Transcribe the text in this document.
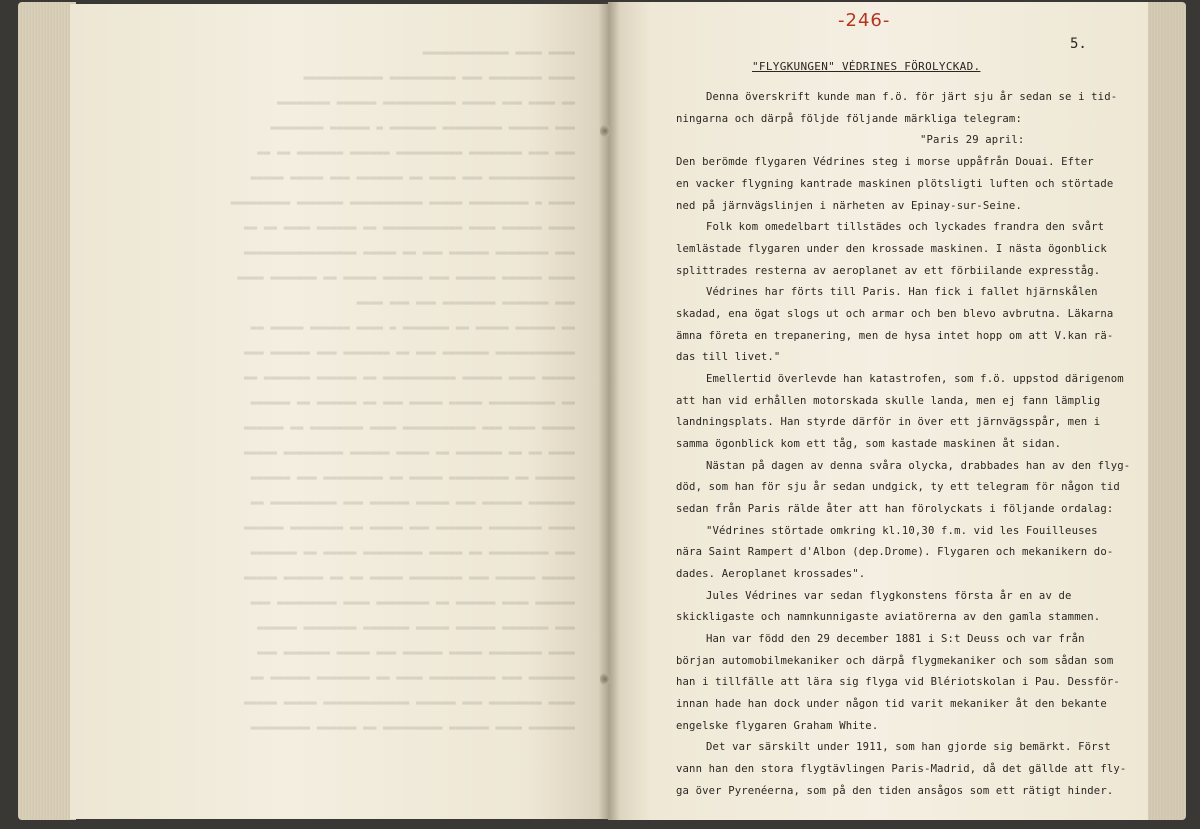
▬▬▬▬ ▬▬▬▬ ▬▬▬▬▬▬▬▬▬▬▬▬▬
▬▬▬▬ ▬▬▬▬▬▬▬▬ ▬▬▬ ▬▬▬▬▬▬▬▬▬▬ ▬▬▬▬▬▬▬▬▬▬▬▬
▬▬ ▬▬▬▬ ▬▬▬ ▬▬▬▬▬ ▬▬▬▬▬▬▬▬▬▬▬ ▬▬▬▬▬▬ ▬▬▬▬▬▬▬▬
▬▬▬ ▬▬▬▬▬▬ ▬▬▬▬▬▬▬▬▬ ▬▬▬▬▬▬▬ ▬ ▬▬▬▬▬▬ ▬▬▬▬▬▬▬▬
▬▬▬ ▬▬▬ ▬▬▬▬▬▬▬▬ ▬▬▬▬▬▬▬▬▬▬ ▬▬▬▬▬▬ ▬▬▬▬▬▬▬ ▬▬ ▬▬
▬▬▬▬▬▬▬▬▬▬▬▬▬ ▬▬▬ ▬▬▬▬ ▬▬ ▬▬▬▬▬▬▬ ▬▬▬ ▬▬▬▬▬ ▬▬▬▬▬
▬▬▬▬ ▬ ▬▬▬▬▬▬▬▬▬ ▬▬▬▬▬ ▬▬▬▬▬▬▬▬▬▬▬ ▬▬▬▬▬▬▬ ▬▬▬▬▬▬▬▬▬
▬▬▬▬ ▬▬▬▬▬▬ ▬▬▬▬ ▬▬▬▬▬▬▬▬▬▬▬▬ ▬▬ ▬▬▬▬▬▬ ▬▬▬▬ ▬▬ ▬▬
▬▬▬ ▬▬▬▬▬▬▬▬ ▬▬▬▬▬▬ ▬▬▬ ▬▬ ▬▬▬▬▬ ▬▬▬▬▬▬▬▬▬▬▬▬▬▬▬▬▬
▬▬▬▬ ▬▬▬▬▬▬ ▬▬▬▬▬▬ ▬▬▬ ▬▬▬▬▬▬ ▬▬▬▬▬ ▬▬ ▬▬▬▬▬▬▬ ▬▬▬▬
▬▬▬ ▬▬▬▬▬▬▬ ▬▬▬▬▬▬▬▬ ▬▬▬ ▬▬▬ ▬▬▬▬
▬▬ ▬▬▬▬▬▬ ▬▬▬▬▬ ▬▬ ▬▬▬▬▬▬▬ ▬ ▬▬▬▬ ▬▬▬▬▬▬ ▬▬▬▬▬ ▬▬
▬▬▬▬▬▬▬▬▬▬▬▬ ▬▬▬▬▬▬▬ ▬▬▬ ▬▬ ▬▬▬▬▬▬▬ ▬▬▬ ▬▬▬▬▬▬ ▬▬▬
▬▬▬▬▬ ▬▬▬▬ ▬▬▬▬▬▬ ▬▬▬▬▬▬▬▬▬▬▬ ▬▬ ▬▬▬▬▬▬ ▬▬▬▬▬▬▬ ▬▬
▬▬ ▬▬▬▬▬▬▬▬▬▬ ▬▬▬▬▬ ▬▬▬▬▬ ▬▬▬ ▬▬ ▬▬▬▬▬▬ ▬▬ ▬▬▬▬▬▬
▬▬▬▬▬ ▬▬▬▬ ▬▬▬ ▬▬▬▬▬▬▬▬▬▬▬ ▬▬▬▬ ▬▬▬▬▬▬▬▬ ▬▬ ▬▬▬▬▬▬
▬▬▬▬ ▬▬ ▬▬ ▬▬▬▬▬▬▬ ▬▬ ▬▬▬▬▬ ▬▬▬▬▬▬ ▬▬▬▬▬▬▬▬▬ ▬▬▬▬▬
▬▬▬▬▬▬ ▬▬ ▬▬▬▬▬▬▬▬▬ ▬▬▬▬▬ ▬▬ ▬▬▬▬▬▬▬▬▬ ▬▬▬ ▬▬▬▬▬▬
▬▬▬▬▬▬▬ ▬▬▬▬▬▬ ▬▬▬ ▬▬▬▬▬ ▬▬▬▬▬▬ ▬▬▬ ▬▬▬▬▬▬▬▬▬▬ ▬▬
▬▬▬▬ ▬▬▬▬▬▬▬▬ ▬▬▬▬▬▬▬ ▬▬▬ ▬▬▬▬▬ ▬▬ ▬▬▬▬▬▬▬▬ ▬▬▬▬▬▬
▬▬▬ ▬▬▬▬▬▬▬▬▬ ▬▬ ▬▬▬▬▬ ▬▬▬▬▬▬▬▬▬ ▬▬▬▬▬ ▬▬ ▬▬▬▬▬▬▬
▬▬▬▬▬ ▬▬▬▬▬▬ ▬▬▬ ▬▬▬▬▬▬▬▬ ▬▬▬▬▬ ▬▬ ▬▬ ▬▬▬▬▬▬ ▬▬▬▬▬
▬▬▬▬▬▬ ▬▬▬▬ ▬▬▬▬▬▬ ▬▬ ▬▬▬▬▬▬▬▬ ▬▬▬▬ ▬▬▬▬▬▬▬▬▬ ▬▬▬
▬▬▬ ▬▬▬▬▬▬▬ ▬▬▬▬▬▬ ▬▬▬▬▬ ▬▬▬▬▬▬▬ ▬▬▬▬▬▬▬▬ ▬▬▬▬▬▬
▬▬▬▬ ▬▬▬▬▬▬▬▬ ▬▬▬▬▬ ▬▬▬▬▬▬ ▬▬▬ ▬▬▬▬▬ ▬▬▬▬▬▬▬ ▬▬▬
▬▬▬▬▬▬▬ ▬▬▬ ▬▬▬▬▬▬▬▬▬▬ ▬▬▬▬ ▬▬ ▬▬▬▬▬▬▬▬ ▬▬▬▬▬▬ ▬▬
▬▬▬▬ ▬▬▬▬▬▬▬▬ ▬▬▬ ▬▬▬▬▬▬ ▬▬▬▬▬▬▬▬▬▬▬▬▬ ▬▬▬▬▬ ▬▬▬▬▬
▬▬▬▬▬▬▬ ▬▬▬▬ ▬▬▬▬▬▬ ▬▬▬▬▬▬▬▬▬ ▬▬ ▬▬▬▬▬▬ ▬▬▬▬▬▬▬▬▬
-246-
5.
"FLYGKUNGEN" VÉDRINES FÖROLYCKAD.
Denna överskrift kunde man f.ö. för järt sju år sedan se i tid-
ningarna och därpå följde följande märkliga telegram:
"Paris 29 april:
Den berömde flygaren Védrines steg i morse uppåfrån Douai. Efter
en vacker flygning kantrade maskinen plötsligti luften och störtade
ned på järnvägslinjen i närheten av Epinay-sur-Seine.
Folk kom omedelbart tillstädes och lyckades frandra den svårt
lemlästade flygaren under den krossade maskinen. I nästa ögonblick
splittrades resterna av aeroplanet av ett förbiilande expresståg.
Védrines har förts till Paris. Han fick i fallet hjärnskålen
skadad, ena ögat slogs ut och armar och ben blevo avbrutna. Läkarna
ämna företa en trepanering, men de hysa intet hopp om att V.kan rä-
das till livet."
Emellertid överlevde han katastrofen, som f.ö. uppstod därigenom
att han vid erhållen motorskada skulle landa, men ej fann lämplig
landningsplats. Han styrde därför in över ett järnvägsspår, men i
samma ögonblick kom ett tåg, som kastade maskinen åt sidan.
Nästan på dagen av denna svåra olycka, drabbades han av den flyg-
död, som han för sju år sedan undgick, ty ett telegram för någon tid
sedan från Paris rälde åter att han förolyckats i följande ordalag:
"Védrines störtade omkring kl.10,30 f.m. vid les Fouilleuses
nära Saint Rampert d'Albon (dep.Drome). Flygaren och mekanikern do-
dades. Aeroplanet krossades".
Jules Védrines var sedan flygkonstens första år en av de
skickligaste och namnkunnigaste aviatörerna av den gamla stammen.
Han var född den 29 december 1881 i S:t Deuss och var från
början automobilmekaniker och därpå flygmekaniker och som sådan som
han i tillfälle att lära sig flyga vid Blériotskolan i Pau. Dessför-
innan hade han dock under någon tid varit mekaniker åt den bekante
engelske flygaren Graham White.
Det var särskilt under 1911, som han gjorde sig bemärkt. Först
vann han den stora flygtävlingen Paris-Madrid, då det gällde att fly-
ga över Pyrenéerna, som på den tiden ansågos som ett rätigt hinder.
